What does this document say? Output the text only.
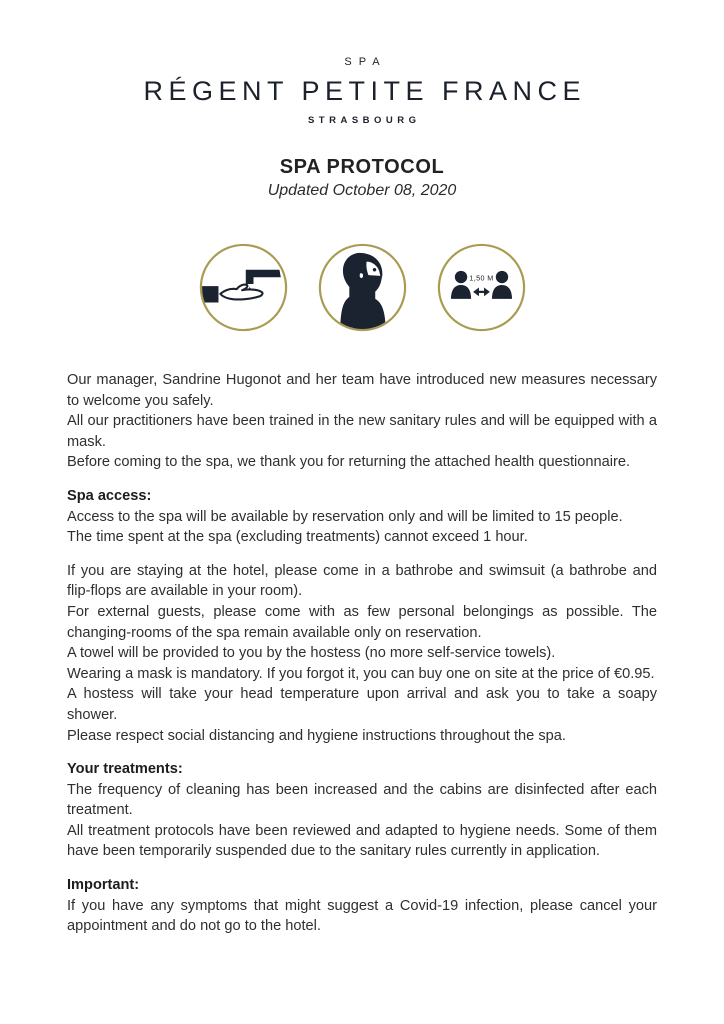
SPA
RÉGENT PETITE FRANCE
STRASBOURG
SPA PROTOCOL
Updated October 08, 2020
1,50 M

Our manager, Sandrine Hugonot and her team have introduced new measures necessary to welcome you safely.

All our practitioners have been trained in the new sanitary rules and will be equipped with a mask.

Before coming to the spa, we thank you for returning the attached health questionnaire.

Spa access:

Access to the spa will be available by reservation only and will be limited to 15 people.

The time spent at the spa (excluding treatments) cannot exceed 1 hour.

If you are staying at the hotel, please come in a bathrobe and swimsuit (a bathrobe and flip-flops are available in your room).

For external guests, please come with as few personal belongings as possible. The changing-rooms of the spa remain available only on reservation.

A towel will be provided to you by the hostess (no more self-service towels).

Wearing a mask is mandatory. If you forgot it, you can buy one on site at the price of €0.95.

A hostess will take your head temperature upon arrival and ask you to take a soapy shower.

Please respect social distancing and hygiene instructions throughout the spa.

Your treatments:

The frequency of cleaning has been increased and the cabins are disinfected after each treatment.

All treatment protocols have been reviewed and adapted to hygiene needs. Some of them have been temporarily suspended due to the sanitary rules currently in application.

Important:

If you have any symptoms that might suggest a Covid-19 infection, please cancel your appointment and do not go to the hotel.
